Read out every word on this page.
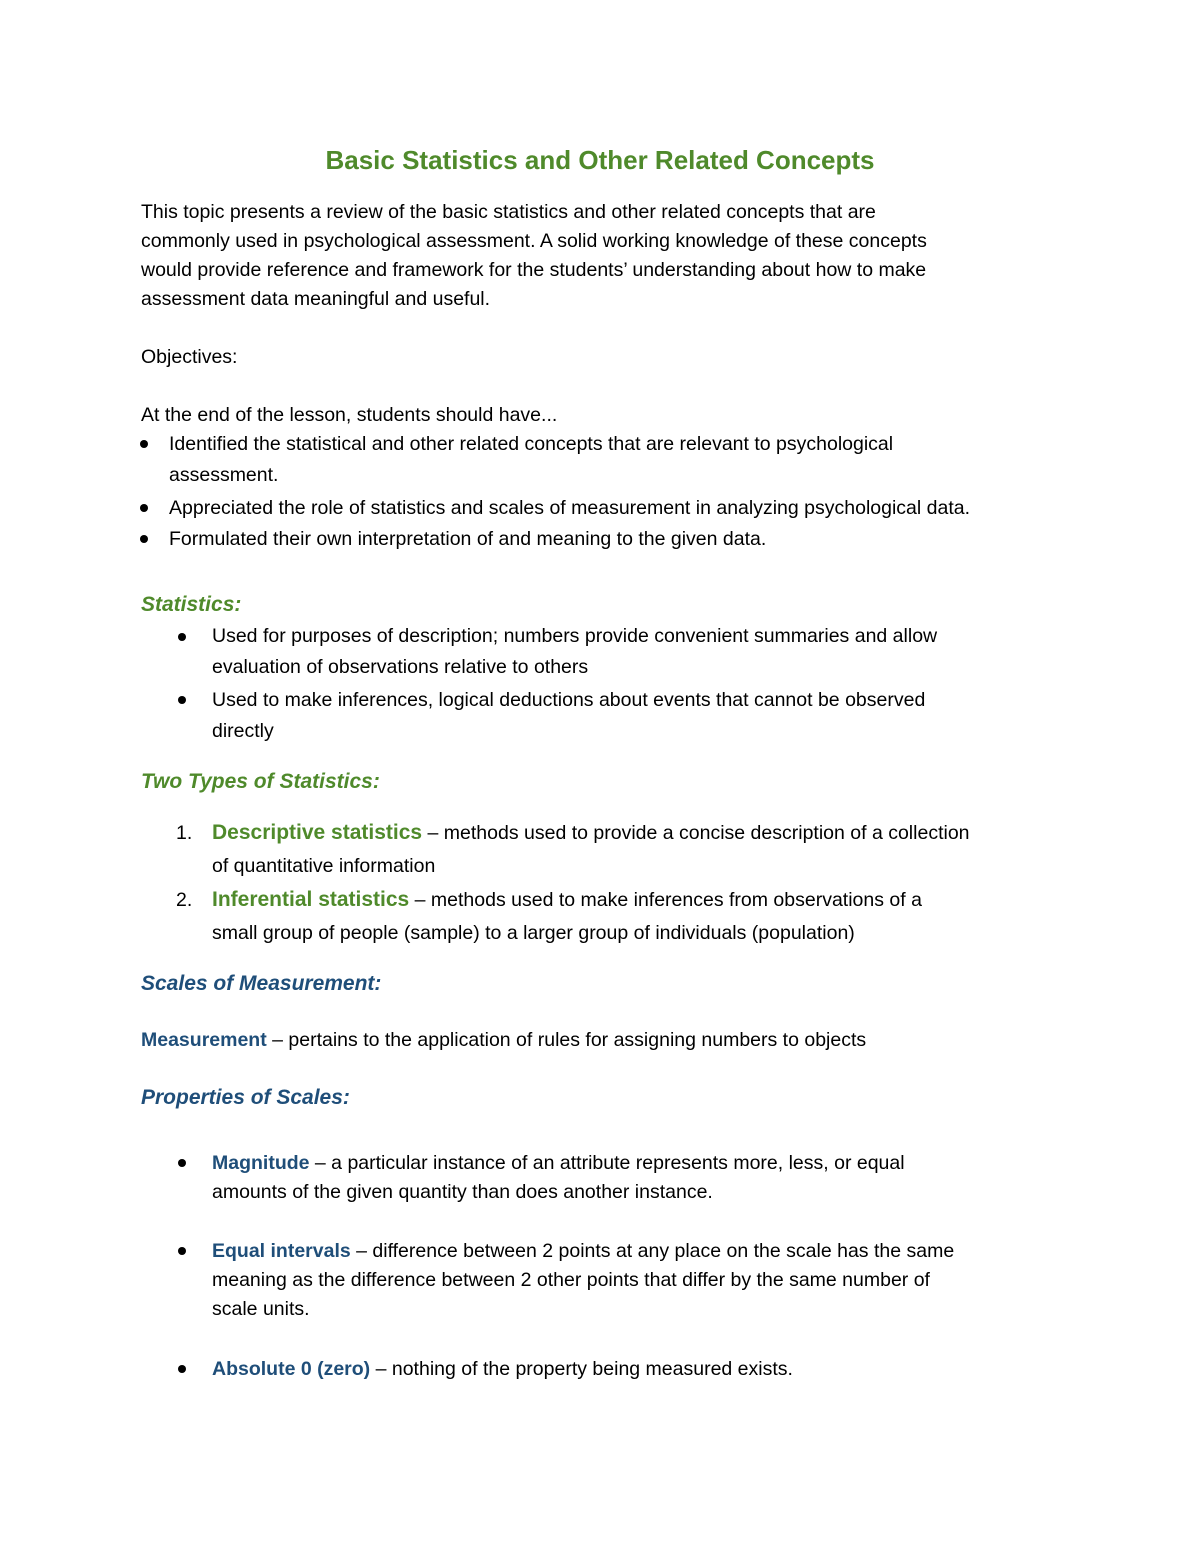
Basic Statistics and Other Related Concepts
This topic presents a review of the basic statistics and other related concepts that are
commonly used in psychological assessment. A solid working knowledge of these concepts
would provide reference and framework for the students’ understanding about how to make
assessment data meaningful and useful.
Objectives:
At the end of the lesson, students should have...
Identified the statistical and other related concepts that are relevant to psychological
assessment.
Appreciated the role of statistics and scales of measurement in analyzing psychological data.
Formulated their own interpretation of and meaning to the given data.
Statistics:
Used for purposes of description; numbers provide convenient summaries and allow
evaluation of observations relative to others
Used to make inferences, logical deductions about events that cannot be observed
directly
Two Types of Statistics:
1. Descriptive statistics – methods used to provide a concise description of a collection
of quantitative information
2. Inferential statistics – methods used to make inferences from observations of a
small group of people (sample) to a larger group of individuals (population)
Scales of Measurement:
Measurement – pertains to the application of rules for assigning numbers to objects
Properties of Scales:
Magnitude – a particular instance of an attribute represents more, less, or equal
amounts of the given quantity than does another instance.
Equal intervals – difference between 2 points at any place on the scale has the same
meaning as the difference between 2 other points that differ by the same number of
scale units.
Absolute 0 (zero) – nothing of the property being measured exists.
